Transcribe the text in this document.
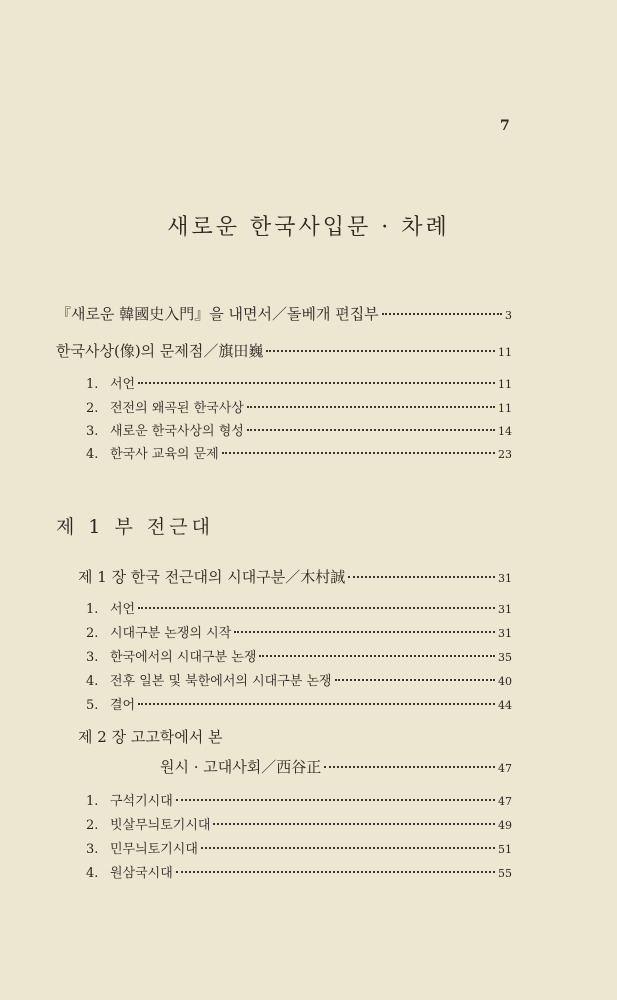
7
새로운 한국사입문 · 차례
『새로운 韓國史入門』을 내면서／돌베개 편집부	3
한국사상(像)의 문제점／旗田巍	11
1. 서언	11
2. 전전의 왜곡된 한국사상	11
3. 새로운 한국사상의 형성	14
4. 한국사 교육의 문제	23
제 1 부 전근대
제 1 장 한국 전근대의 시대구분／木村誠	31
1. 서언	31
2. 시대구분 논쟁의 시작	31
3. 한국에서의 시대구분 논쟁	35
4. 전후 일본 및 북한에서의 시대구분 논쟁	40
5. 결어	44
제 2 장 고고학에서 본
원시 · 고대사회／西谷正	47
1. 구석기시대	47
2. 빗살무늬토기시대	49
3. 민무늬토기시대	51
4. 원삼국시대	55
